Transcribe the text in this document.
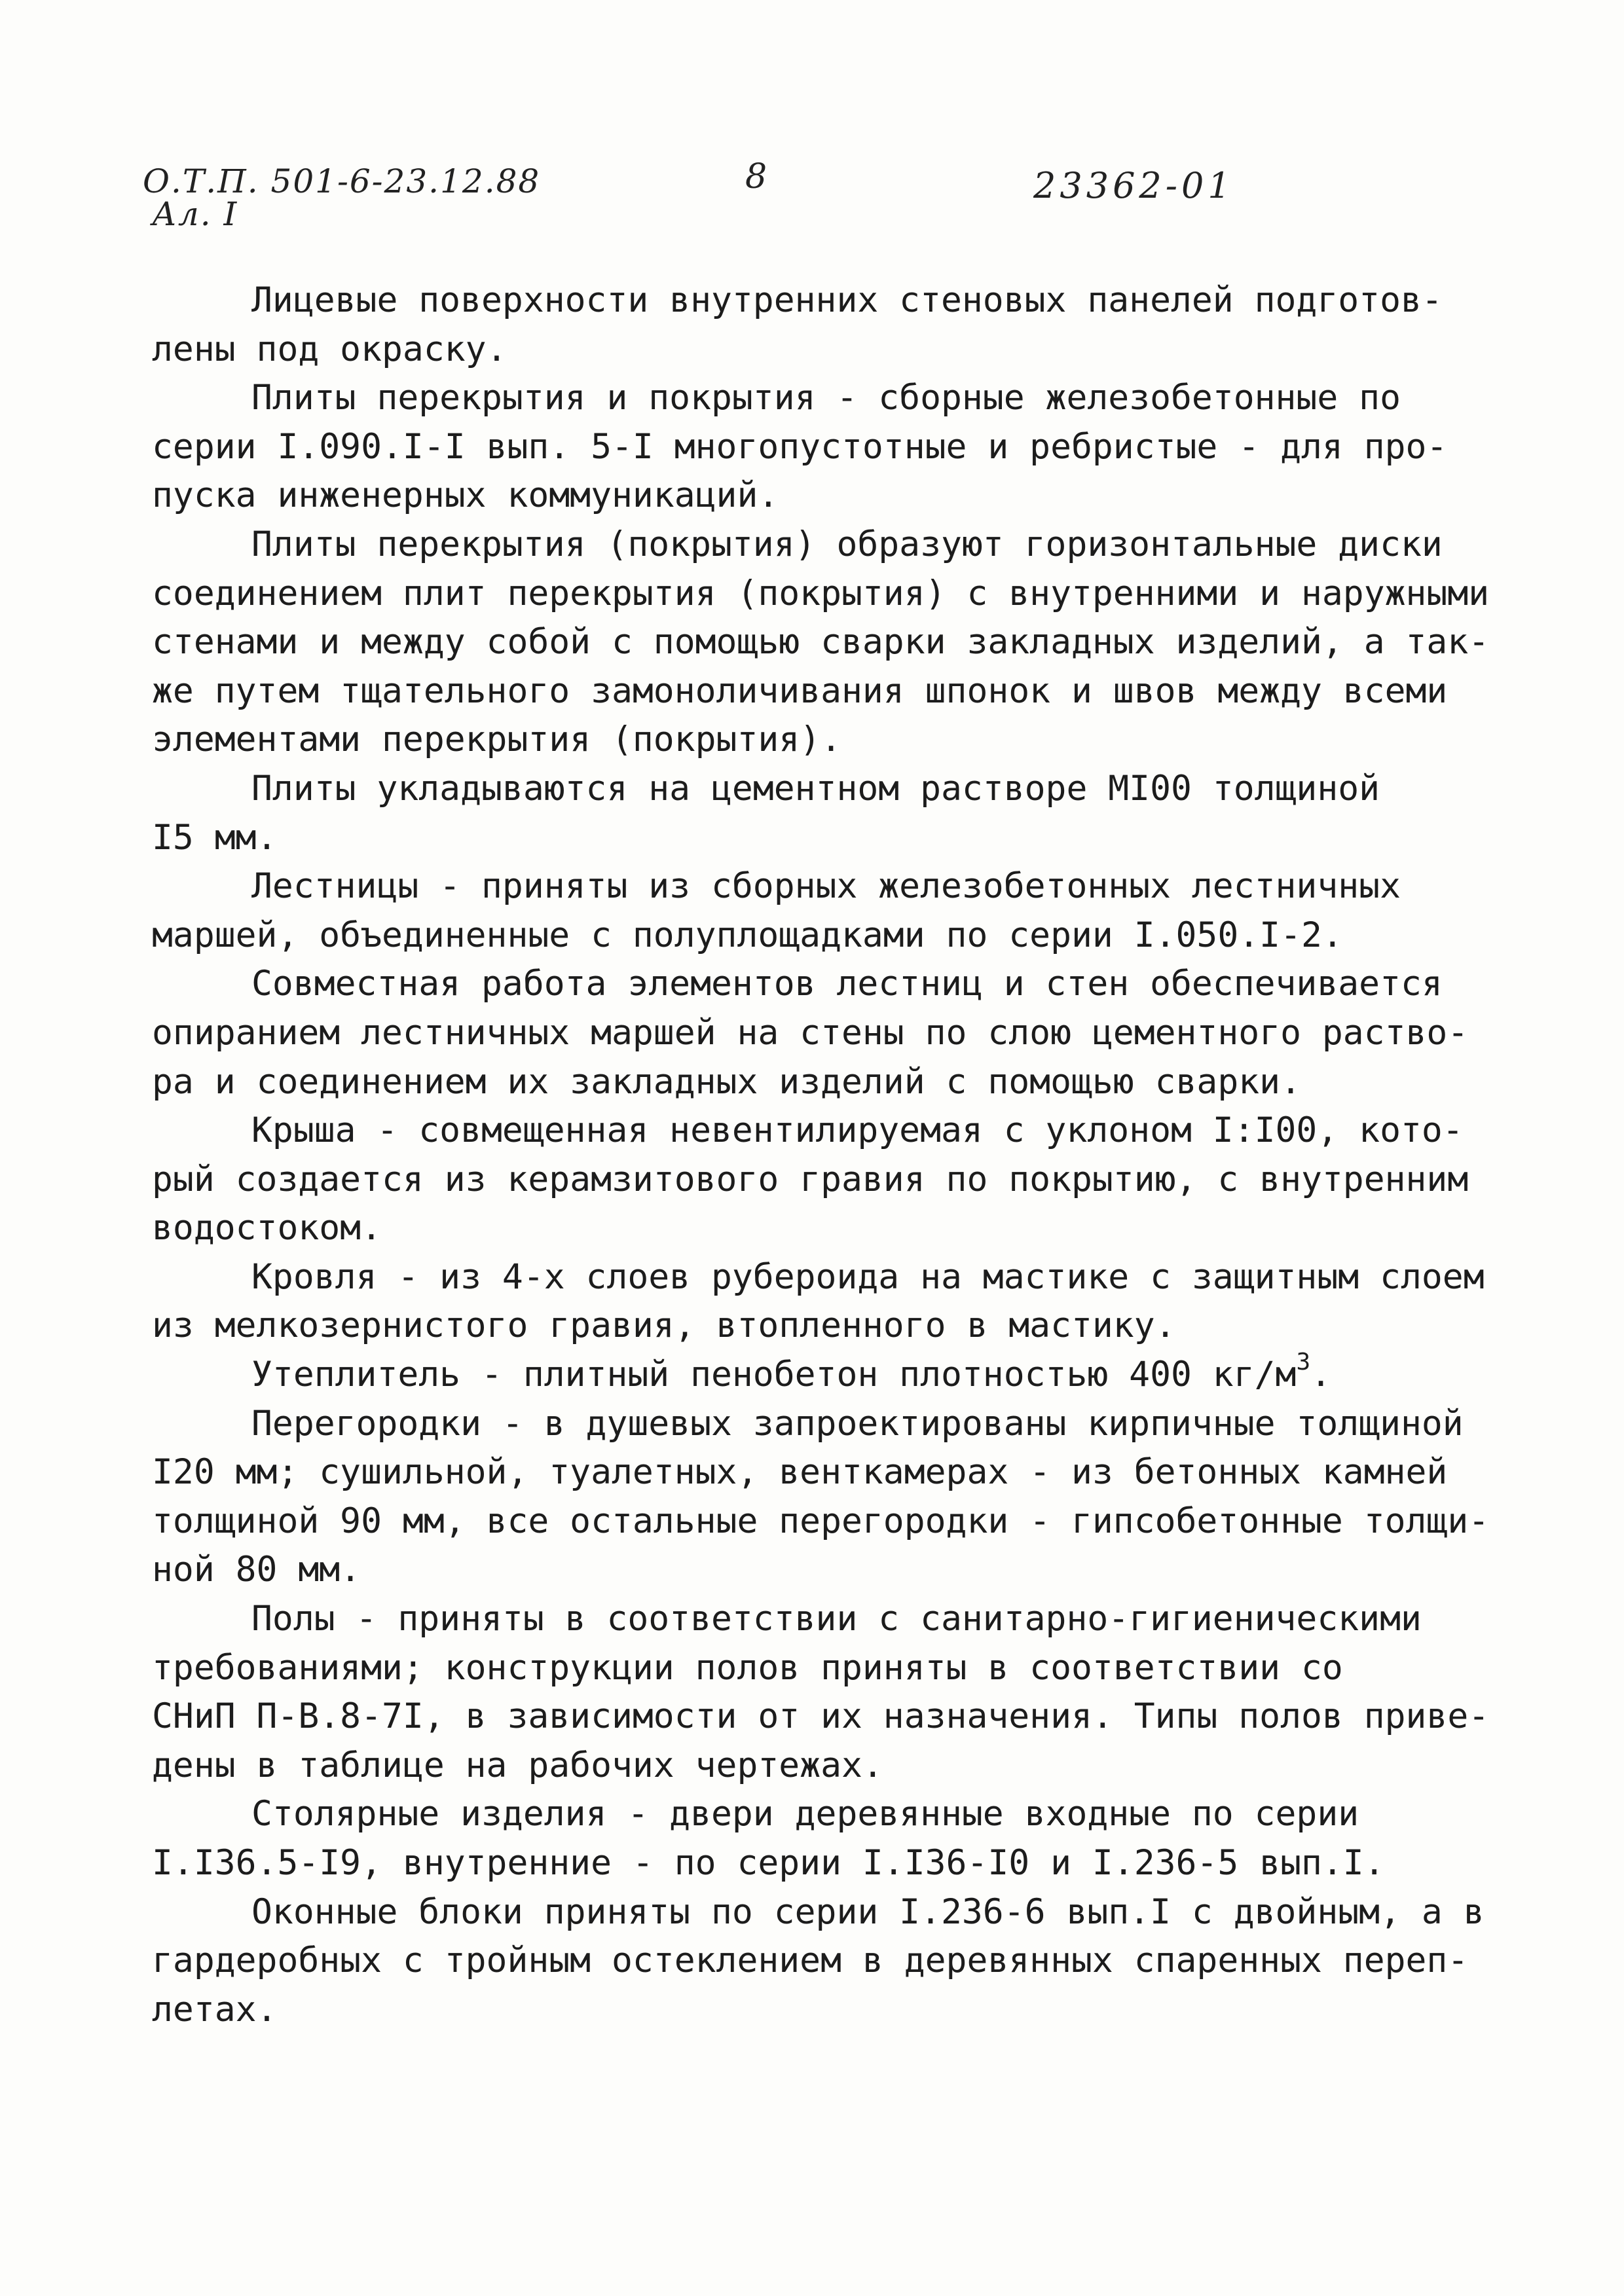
О.Т.П. 501-6-23.12.88
Ал. I
8	23362-01
Лицевые поверхности внутренних стеновых панелей подготов-
лены под окраску.
Плиты перекрытия и покрытия - сборные железобетонные по
серии I.090.I-I вып. 5-I многопустотные и ребристые - для про-
пуска инженерных коммуникаций.
Плиты перекрытия (покрытия) образуют горизонтальные диски
соединением плит перекрытия (покрытия) с внутренними и наружными
стенами и между собой с помощью сварки закладных изделий, а так-
же путем тщательного замоноличивания шпонок и швов между всеми
элементами перекрытия (покрытия).
Плиты укладываются на цементном растворе МI00 толщиной
I5 мм.
Лестницы - приняты из сборных железобетонных лестничных
маршей, объединенные с полуплощадками по серии I.050.I-2.
Совместная работа элементов лестниц и стен обеспечивается
опиранием лестничных маршей на стены по слою цементного раство-
ра и соединением их закладных изделий с помощью сварки.
Крыша - совмещенная невентилируемая с уклоном I:I00, кото-
рый создается из керамзитового гравия по покрытию, с внутренним
водостоком.
Кровля - из 4-х слоев рубероида на мастике с защитным слоем
из мелкозернистого гравия, втопленного в мастику.
Утеплитель - плитный пенобетон плотностью 400 $кг/м^3$.
Перегородки - в душевых запроектированы кирпичные толщиной
I20 мм; сушильной, туалетных, венткамерах - из бетонных камней
толщиной 90 мм, все остальные перегородки - гипсобетонные толщи-
ной 80 мм.
Полы - приняты в соответствии с санитарно-гигиеническими
требованиями; конструкции полов приняты в соответствии со
СНиП П-В.8-7I, в зависимости от их назначения. Типы полов приве-
дены в таблице на рабочих чертежах.
Столярные изделия - двери деревянные входные по серии
I.I36.5-I9, внутренние - по серии I.I36-I0 и I.236-5 вып.I.
Оконные блоки приняты по серии I.236-6 вып.I с двойным, а в
гардеробных с тройным остеклением в деревянных спаренных переп-
летах.
